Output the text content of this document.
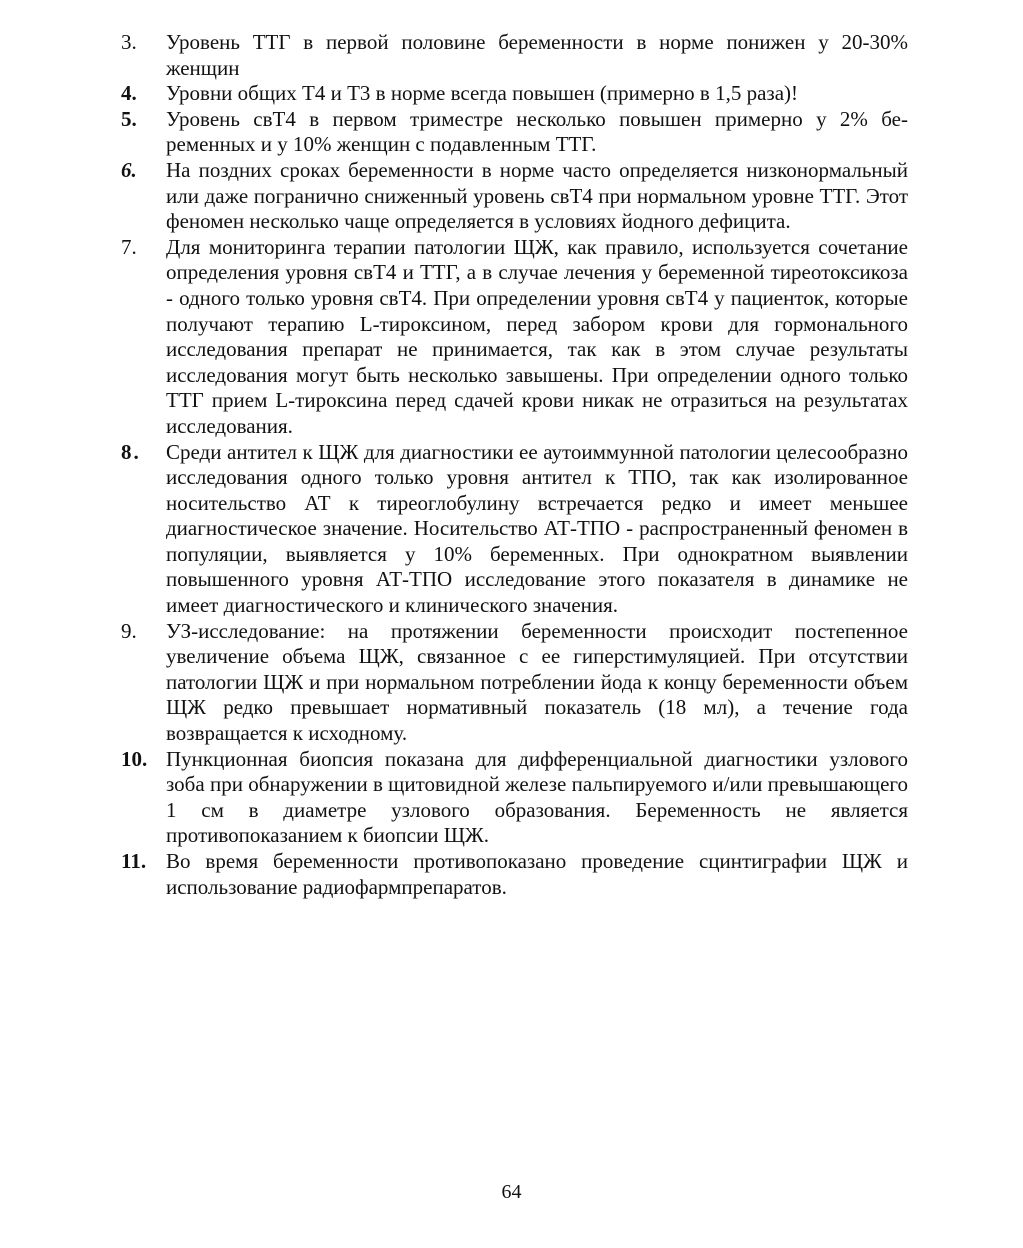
3.	Уровень ТТГ в первой половине беременности в норме понижен у 20-30% женщин
4.	Уровни общих Т4 и Т3 в норме всегда повышен (примерно в 1,5 раза)!
5.	Уровень свТ4 в первом триместре несколько повышен примерно у 2% беременных и у 10% женщин с подавленным ТТГ.
6.	На поздних сроках беременности в норме часто определяется низконормальный или даже погранично сниженный уровень свТ4 при нормальном уровне ТТГ. Этот феномен несколько чаще определяется в условиях йодного дефицита.
7.	Для мониторинга терапии патологии ЩЖ, как правило, используется сочетание определения уровня свТ4 и ТТГ, а в случае лечения у беременной тиреотоксикоза - одного только уровня свТ4. При определении уровня свТ4 у пациенток, которые получают терапию L-тироксином, перед забором крови для гормонального исследования препарат не принимается, так как в этом случае результаты исследования могут быть несколько завышены. При определении одного только ТТГ прием L-тироксина перед сдачей крови никак не отразиться на результатах исследования.
8.	Среди антител к ЩЖ для диагностики ее аутоиммунной патологии целесообразно исследования одного только уровня антител к ТПО, так как изолированное носительство АТ к тиреоглобулину встречается редко и имеет меньшее диагностическое значение. Носительство АТ-ТПО - распространенный феномен в популяции, выявляется у 10% беременных. При однократном выявлении повышенного уровня АТ-ТПО исследование этого показателя в динамике не имеет диагностического и клинического значения.
9.	УЗ-исследование: на протяжении беременности происходит постепенное увеличение объема ЩЖ, связанное с ее гиперстимуляцией. При отсутствии патологии ЩЖ и при нормальном потреблении йода к концу беременности объем ЩЖ редко превышает нормативный показатель (18 мл), а течение года возвращается к исходному.
10. Пункционная биопсия показана для дифференциальной диагностики узлового зоба при обнаружении в щитовидной железе пальпируемого и/или превышающего 1 см в диаметре узлового образования. Беременность не является противопоказанием к биопсии ЩЖ.
11. Во время беременности противопоказано проведение сцинтиграфии ЩЖ и использование радиофармпрепаратов.
64
